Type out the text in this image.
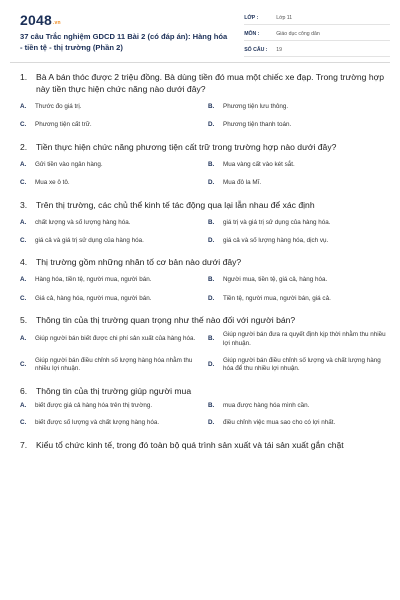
2048.vn
37 câu Trắc nghiệm GDCD 11 Bài 2 (có đáp án): Hàng hóa - tiền tệ - thị trường (Phần 2)
LỚP :	Lớp 11
MÔN :	Giáo dục công dân
SỐ CÂU :	19
1.	Bà A bán thóc được 2 triệu đồng. Bà dùng tiền đó mua một chiếc xe đạp. Trong trường hợp này tiền thực hiện chức năng nào dưới đây?
A.	Thước đo giá trị.	B.	Phương tiện lưu thông.
C.	Phương tiện cất trữ.	D.	Phương tiện thanh toán.
2.	Tiền thực hiện chức năng phương tiện cất trữ trong trường hợp nào dưới đây?
A.	Gửi tiền vào ngân hàng.	B.	Mua vàng cất vào két sắt.
C.	Mua xe ô tô.	D.	Mua đô la Mĩ.
3.	Trên thị trường, các chủ thể kinh tế tác động qua lại lẫn nhau để xác định
A.	chất lượng và số lượng hàng hóa.	B.	giá trị và giá trị sử dụng của hàng hóa.
C.	giá cả và giá trị sử dụng của hàng hóa.	D.	giá cả và số lượng hàng hóa, dịch vụ.
4.	Thị trường gồm những nhân tố cơ bản nào dưới đây?
A.	Hàng hóa, tiền tệ, người mua, người bán.	B.	Người mua, tiền tệ, giá cả, hàng hóa.
C.	Giá cả, hàng hóa, người mua, người bán.	D.	Tiền tệ, người mua, người bán, giá cả.
5.	Thông tin của thị trường quan trọng như thế nào đối với người bán?
A.	Giúp người bán biết được chi phí sản xuất của hàng hóa.	B.
Giúp người bán đưa ra quyết định kịp thời nhằm thu nhiều lợi nhuận.
C.
Giúp người bán điều chỉnh số lượng hàng hóa nhằm thu nhiều lợi nhuận.
D.
Giúp người bán điều chỉnh số lượng và chất lượng hàng hóa để thu nhiều lợi nhuận.
6.	Thông tin của thị trường giúp người mua
A.	biết được giá cả hàng hóa trên thị trường.	B.	mua được hàng hóa mình cần.
C.	biết được số lượng và chất lượng hàng hóa.	D.	điều chỉnh việc mua sao cho có lợi nhất.
7.	Kiểu tổ chức kinh tế, trong đó toàn bộ quá trình sản xuất và tái sản xuất gắn chặt
